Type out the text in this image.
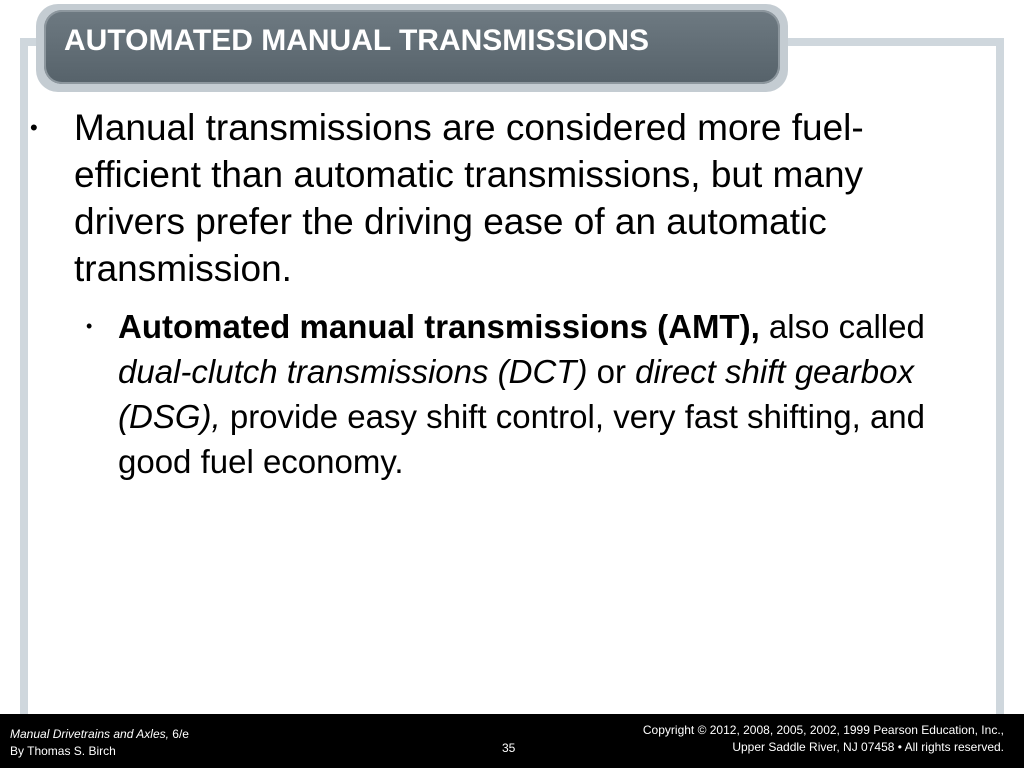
AUTOMATED MANUAL TRANSMISSIONS
• Manual transmissions are considered more fuel-efficient than automatic transmissions, but many drivers prefer the driving ease of an automatic transmission.
• Automated manual transmissions (AMT), also called dual-clutch transmissions (DCT) or direct shift gearbox (DSG), provide easy shift control, very fast shifting, and good fuel economy.
Manual Drivetrains and Axles, 6/e
By Thomas S. Birch	35
Copyright © 2012, 2008, 2005, 2002, 1999 Pearson Education, Inc.,
Upper Saddle River, NJ 07458 • All rights reserved.
